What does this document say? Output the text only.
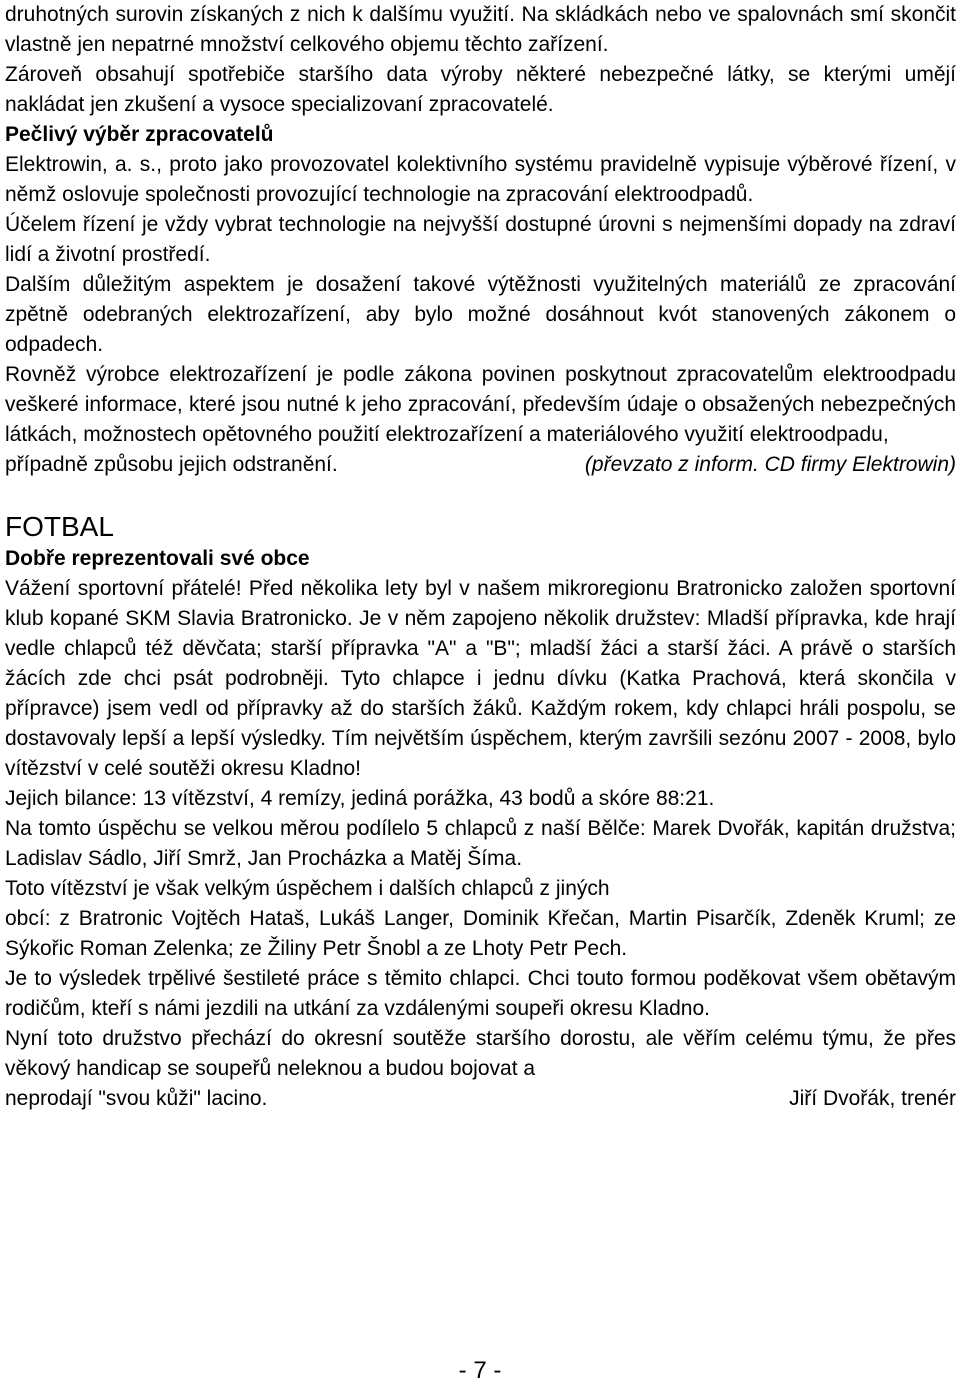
druhotných surovin získaných z nich k dalšímu využití. Na skládkách nebo ve spalovnách smí skončit vlastně jen nepatrné množství celkového objemu těchto zařízení.

Zároveň obsahují spotřebiče staršího data výroby některé nebezpečné látky, se kterými umějí nakládat jen zkušení a vysoce specializovaní zpracovatelé.

Pečlivý výběr zpracovatelů

Elektrowin, a. s., proto jako provozovatel kolektivního systému pravidelně vypisuje výběrové řízení, v němž oslovuje společnosti provozující technologie na zpracování elektroodpadů.

Účelem řízení je vždy vybrat technologie na nejvyšší dostupné úrovni s nejmenšími dopady na zdraví lidí a životní prostředí.

Dalším důležitým aspektem je dosažení takové výtěžnosti využitelných materiálů ze zpracování zpětně odebraných elektrozařízení, aby bylo možné dosáhnout kvót stanovených zákonem o odpadech.

Rovněž výrobce elektrozařízení je podle zákona povinen poskytnout zpracovatelům elektroodpadu veškeré informace, které jsou nutné k jeho zpracování, především údaje o obsažených nebezpečných látkách, možnostech opětovného použití elektrozařízení a materiálového využití elektroodpadu,

případně způsobu jejich odstranění.	(převzato z inform. CD firmy Elektrowin)
FOTBAL
Dobře reprezentovali své obce

Vážení sportovní přátelé! Před několika lety byl v našem mikroregionu Bratronicko založen sportovní klub kopané SKM Slavia Bratronicko. Je v něm zapojeno několik družstev: Mladší přípravka, kde hrají vedle chlapců též děvčata; starší přípravka "A" a "B"; mladší žáci a starší žáci. A právě o starších žácích zde chci psát podrobněji. Tyto chlapce i jednu dívku (Katka Prachová, která skončila v přípravce) jsem vedl od přípravky až do starších žáků. Každým rokem, kdy chlapci hráli pospolu, se dostavovaly lepší a lepší výsledky. Tím největším úspěchem, kterým završili sezónu 2007 - 2008, bylo vítězství v celé soutěži okresu Kladno!

Jejich bilance: 13 vítězství, 4 remízy, jediná porážka, 43 bodů a skóre 88:21.

Na tomto úspěchu se velkou měrou podílelo 5 chlapců z naší Bělče: Marek Dvořák, kapitán družstva; Ladislav Sádlo, Jiří Smrž, Jan Procházka a Matěj Šíma.

Toto vítězství je však velkým úspěchem i dalších chlapců z jiných

obcí: z Bratronic Vojtěch Hataš, Lukáš Langer, Dominik Křečan, Martin Pisarčík, Zdeněk Kruml; ze Sýkořic Roman Zelenka; ze Žiliny Petr Šnobl a ze Lhoty Petr Pech.

Je to výsledek trpělivé šestileté práce s těmito chlapci. Chci touto formou poděkovat všem obětavým rodičům, kteří s námi jezdili na utkání za vzdálenými soupeři okresu Kladno.

Nyní toto družstvo přechází do okresní soutěže staršího dorostu, ale věřím celému týmu, že přes věkový handicap se soupeřů neleknou a budou bojovat a

neprodají "svou kůži" lacino.	Jiří Dvořák, trenér
- 7 -
